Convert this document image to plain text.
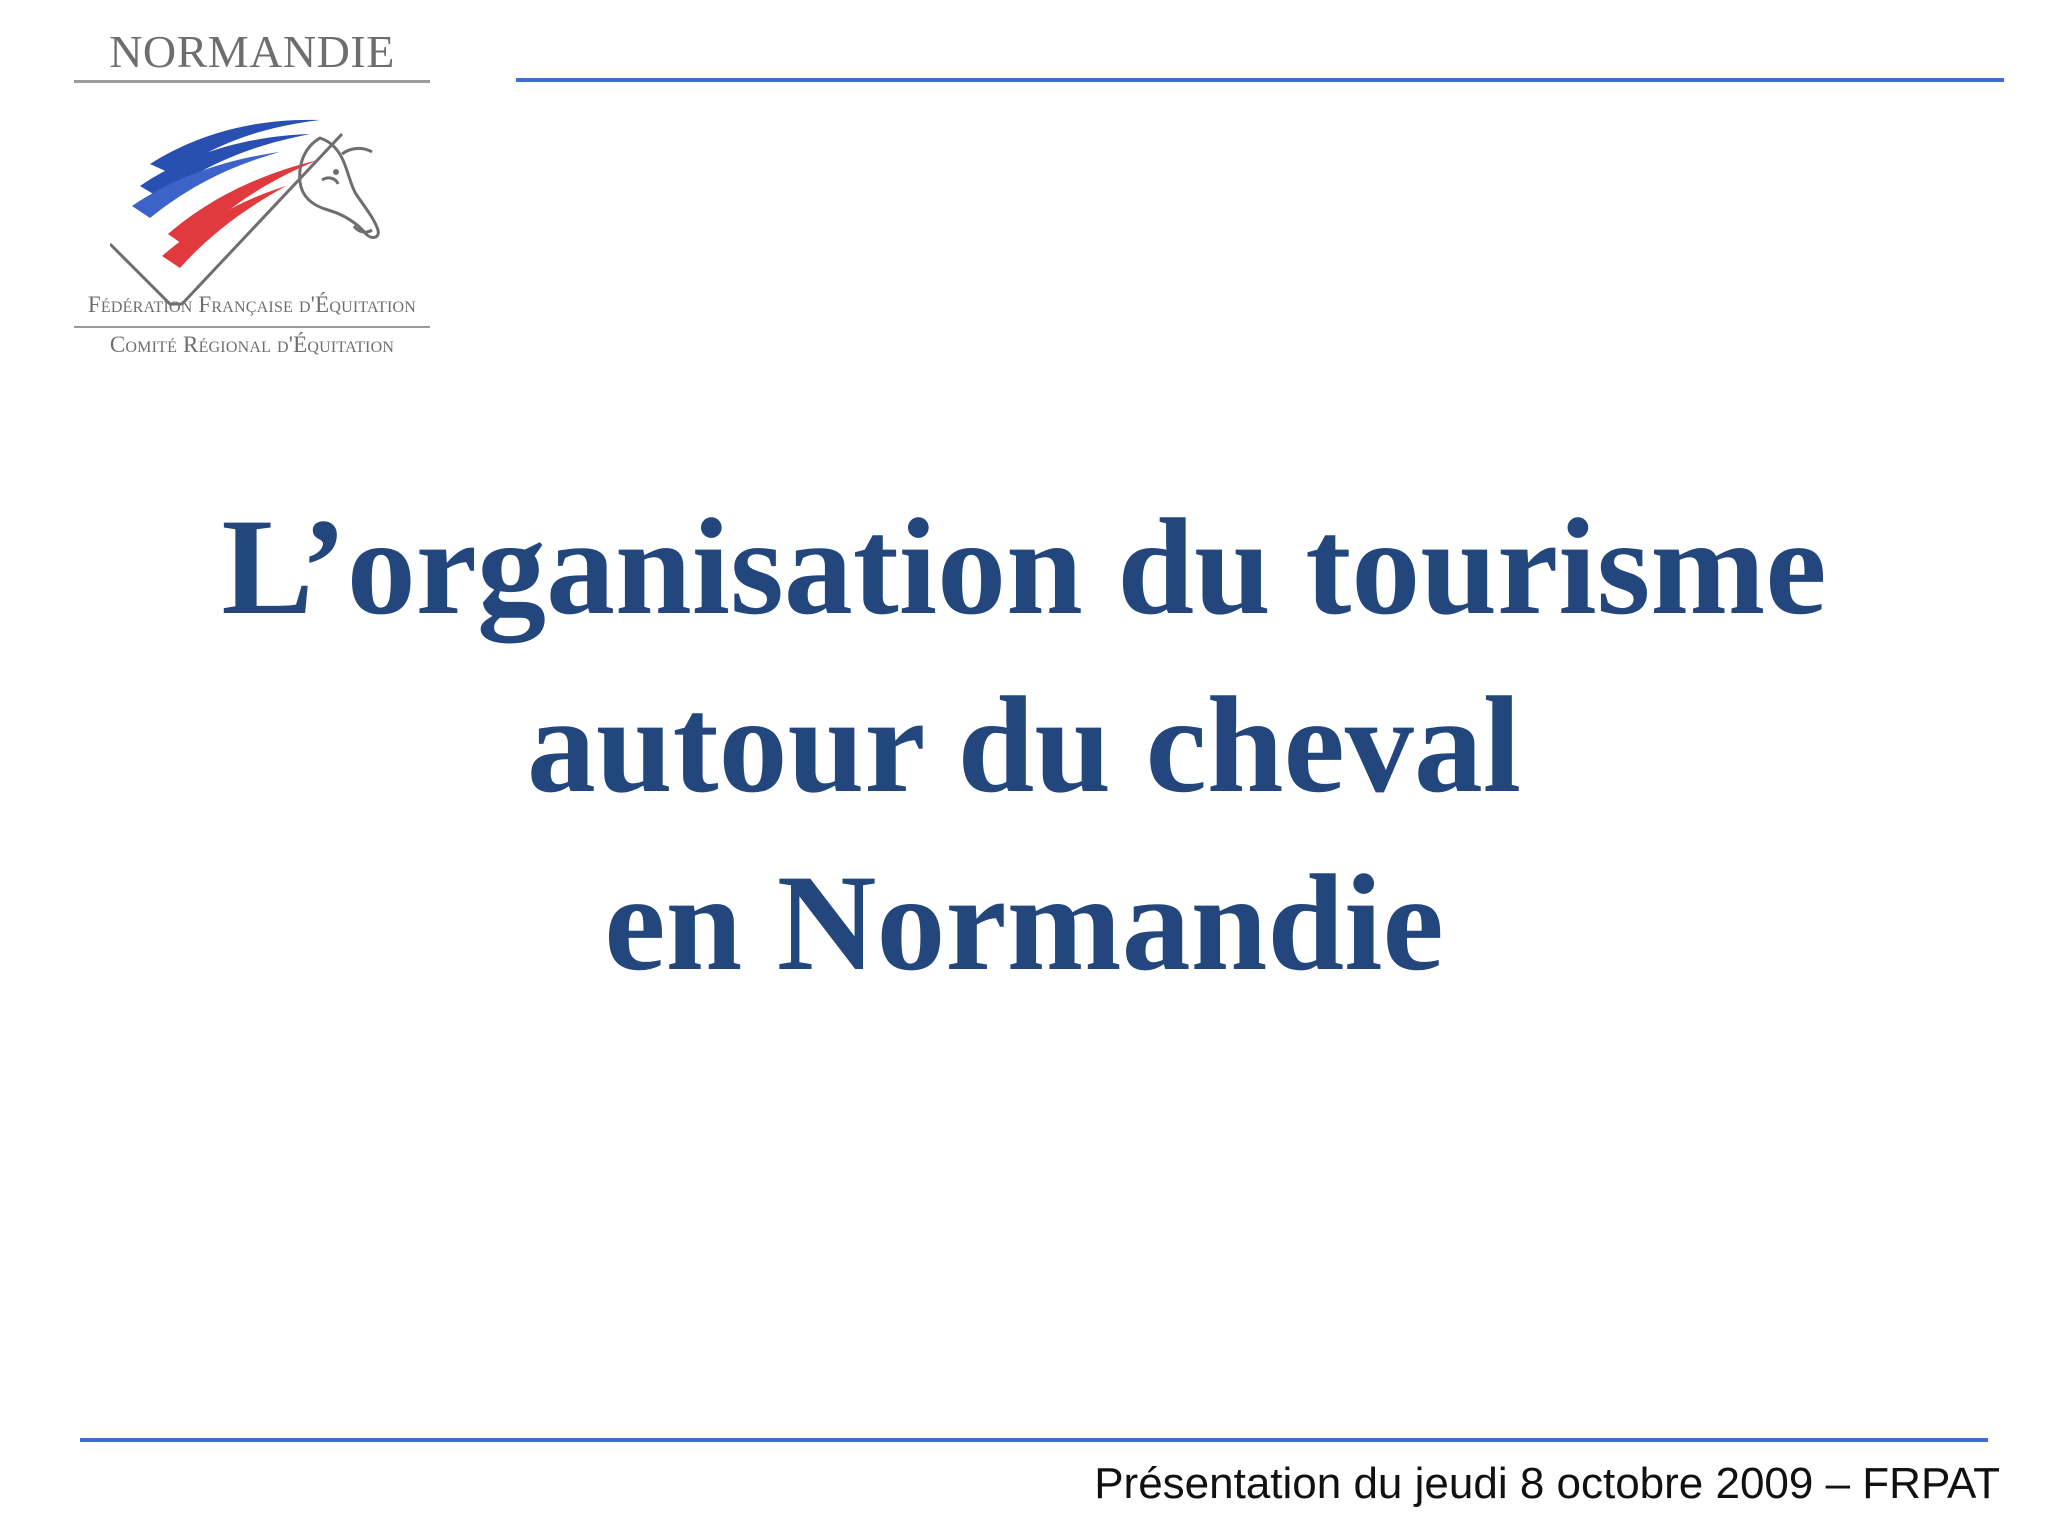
NORMANDIE
Fédération Française d'Équitation
Comité Régional d'Équitation
L’organisation du tourisme
autour du cheval
en Normandie
Présentation du jeudi 8 octobre 2009 – FRPAT
